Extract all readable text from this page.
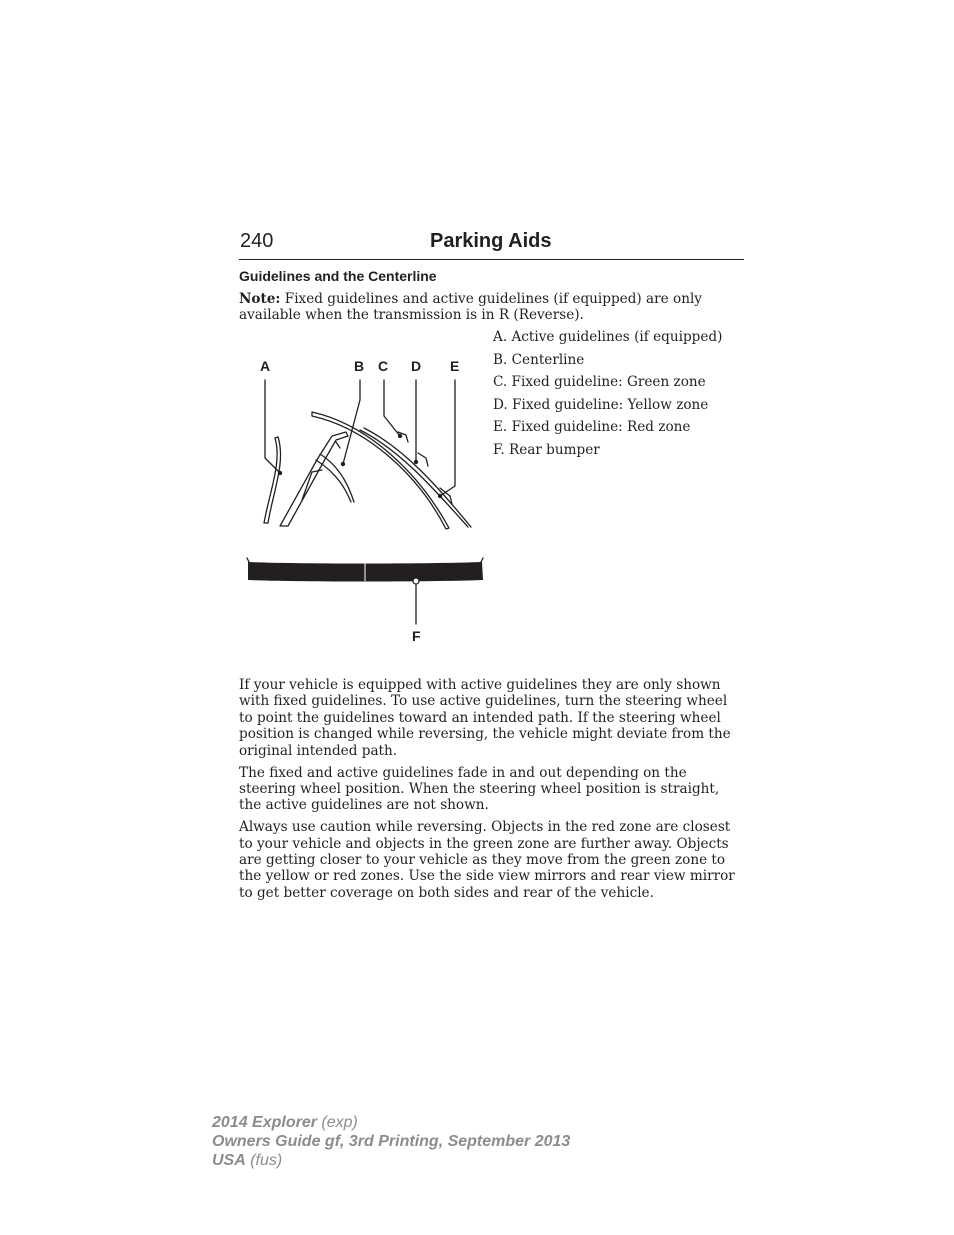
240	Parking Aids
Guidelines and the Centerline

Note: Fixed guidelines and active guidelines (if equipped) are only available when the transmission is in R (Reverse).

A. Active guidelines (if equipped)
B. Centerline
C. Fixed guideline: Green zone
D. Fixed guideline: Yellow zone
E. Fixed guideline: Red zone
F. Rear bumper
A	B C D E
F

If your vehicle is equipped with active guidelines they are only shown with fixed guidelines. To use active guidelines, turn the steering wheel to point the guidelines toward an intended path. If the steering wheel position is changed while reversing, the vehicle might deviate from the original intended path.

The fixed and active guidelines fade in and out depending on the steering wheel position. When the steering wheel position is straight, the active guidelines are not shown.

Always use caution while reversing. Objects in the red zone are closest to your vehicle and objects in the green zone are further away. Objects are getting closer to your vehicle as they move from the green zone to the yellow or red zones. Use the side view mirrors and rear view mirror to get better coverage on both sides and rear of the vehicle.

2014 Explorer (exp)
Owners Guide gf, 3rd Printing, September 2013
USA (fus)
